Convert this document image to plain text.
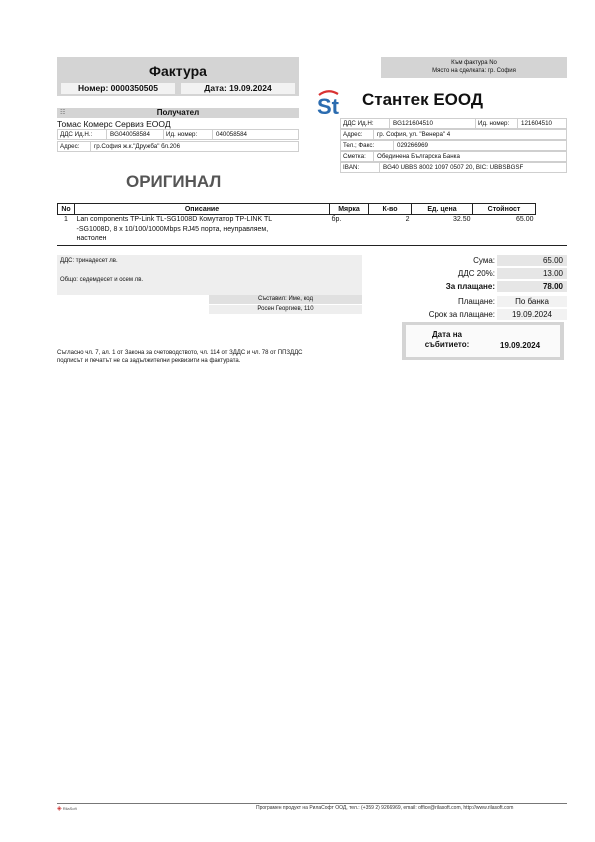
Фактура
Номер: 0000350505	Дата: 19.09.2024
Към фактура No
Място на сделката: гр. София
St Стантек ЕООД
ДДС Ид.Н:	BG121604510	Ид. номер: 121604510
Адрес: гр. София, ул. "Венера" 4
Тел.; Факс:	029266969
Сметка: Обединена Българска Банка
IBAN:	BG40 UBBS 8002 1097 0507 20, BIC: UBBSBGSF
☷	Получател
Томас Комерс Сервиз ЕООД
ДДС Ид.Н.:	BG040058584	Ид. номер:	040058584
Адрес: гр.София ж.к."Дружба" бл.206
ОРИГИНАЛ
No	Описание	Мярка	К-во	Ед. цена	Стойност	
1	Lan components TP-Link TL-SG1008D Комутатор TP-LINK TL
-SG1008D, 8 x 10/100/1000Mbps RJ45 порта, неуправляем,
настолен	бр.	2	32.50	65.00	
ДДС: тринадесет лв.
Общо: седемдесет и осем лв.
Съставил: Име, код
Росен Георгиев, 110
Сума:	65.00
ДДС 20%:	13.00
За плащане:	78.00
Плащане:	По банка
Срок за плащане:	19.09.2024
Дата на
събитието:	19.09.2024
Съгласно чл. 7, ал. 1 от Закона за счетоводството, чл. 114 от ЗДДС и чл. 78 от ППЗДДС
подписът и печатът не са задължителни реквизити на фактурата.
◈ RilaSoft	Програмен продукт на РилаСофт ООД, тел.: (+359 2) 9266969, email: office@rilasoft.com, http://www.rilasoft.com
